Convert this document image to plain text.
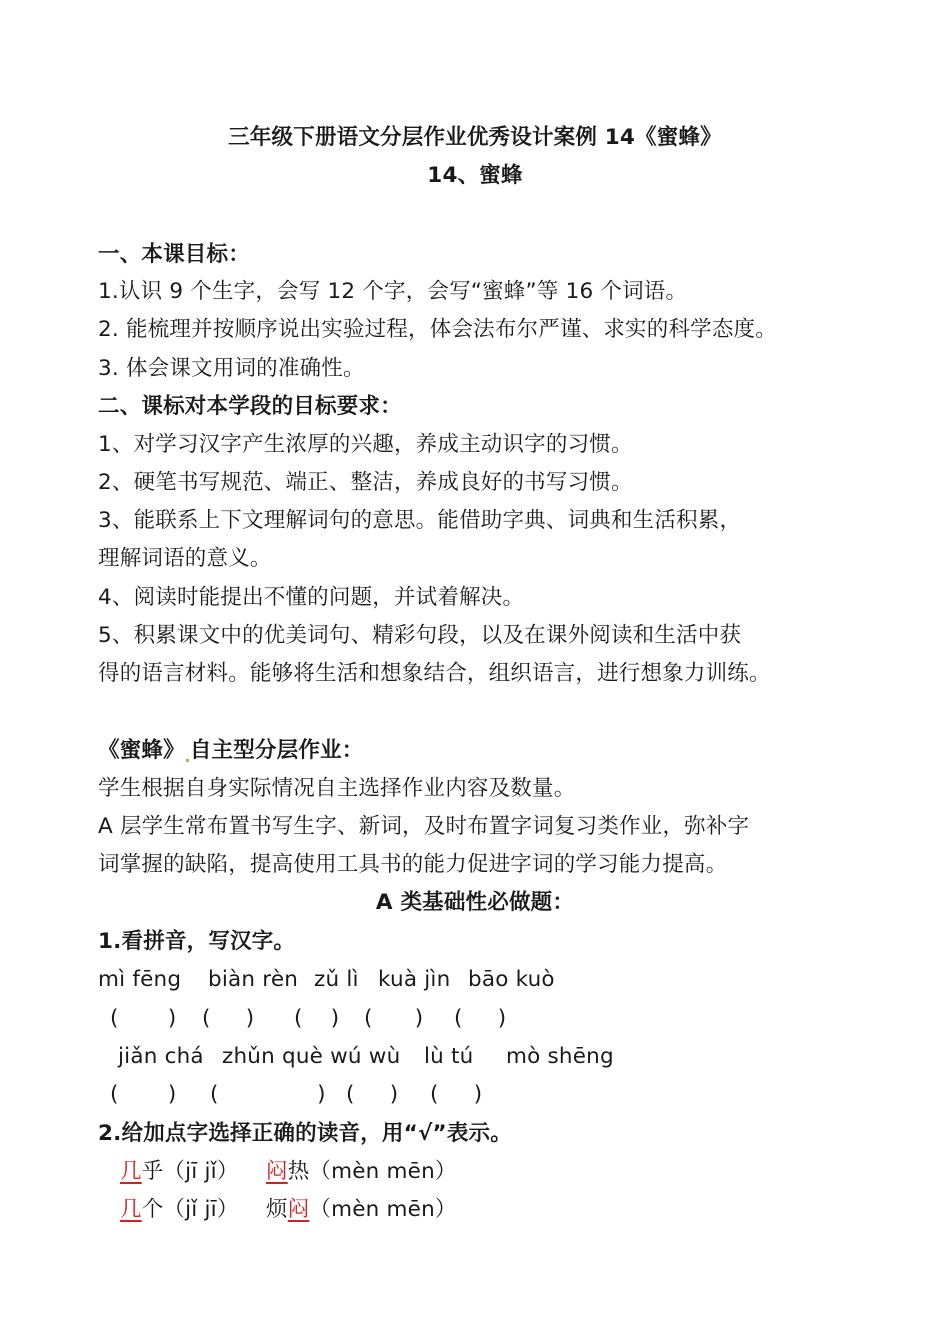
三年级下册语文分层作业优秀设计案例 14《蜜蜂》
14、蜜蜂
一、本课目标：
1.认识 9 个生字，会写 12 个字，会写“蜜蜂”等 16 个词语。
2. 能梳理并按顺序说出实验过程，体会法布尔严谨、求实的科学态度。
3. 体会课文用词的准确性。
二、课标对本学段的目标要求：
1、对学习汉字产生浓厚的兴趣，养成主动识字的习惯。
2、硬笔书写规范、端正、整洁，养成良好的书写习惯。
3、能联系上下文理解词句的意思。能借助字典、词典和生活积累，
理解词语的意义。
4、阅读时能提出不懂的问题，并试着解决。
5、积累课文中的优美词句、精彩句段，以及在课外阅读和生活中获
得的语言材料。能够将生活和想象结合，组织语言，进行想象力训练。
《蜜蜂》 自主型分层作业：
学生根据自身实际情况自主选择作业内容及数量。
A 层学生常布置书写生字、新词，及时布置字词复习类作业，弥补字
词掌握的缺陷，提高使用工具书的能力促进字词的学习能力提高。
A 类基础性必做题：
1.看拼音，写汉字。
mì fēng biàn rèn zǔ lì kuà jìn bāo kuò
(       ) (     ) (    ) (      ) (     )
jiǎn chá zhǔn què wú wù lù tú mò shēng
(       ) (              ) (     ) (     )
2.给加点字选择正确的读音，用“√”表示。
几乎（jī jǐ） 闷热（mèn mēn）
几个（jǐ jī） 烦闷（mèn mēn）
